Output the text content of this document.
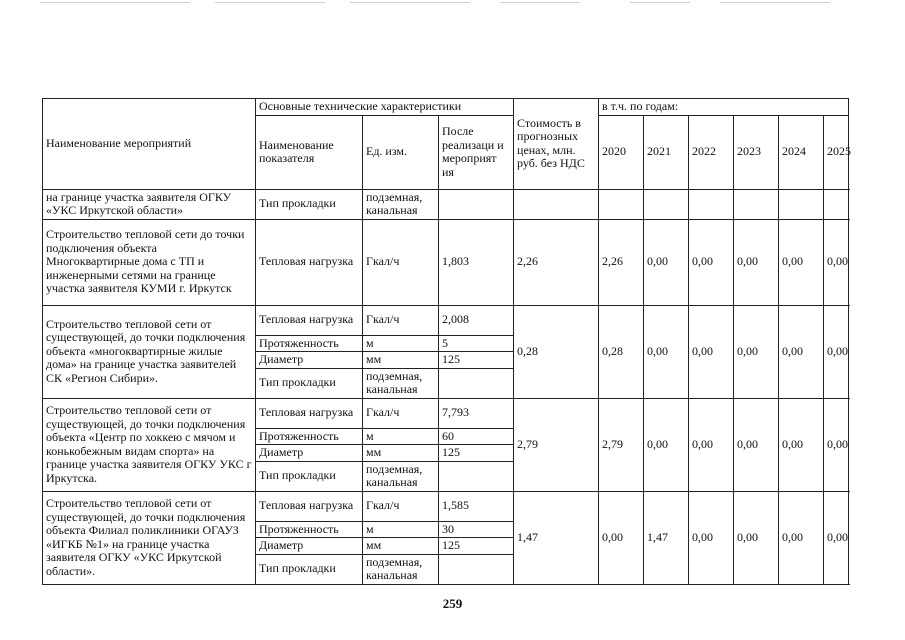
Наименование мероприятий	Основные технические характеристики			Стоимость в прогнозных ценах, млн. руб. без НДС	в т.ч. по годам:					
	Наименование показателя	Ед. изм.	После реализаци и мероприят ия		2020	2021	2022	2023	2024	2025
на границе участка заявителя ОГКУ «УКС Иркутской области»	Тип прокладки	подземная, канальная								
Строительство тепловой сети до точки подключения объекта Многоквартирные дома с ТП и инженерными сетями на границе участка заявителя КУМИ г. Иркутск	Тепловая нагрузка	Гкал/ч	1,803	2,26	2,26	0,00	0,00	0,00	0,00	0,00
Строительство тепловой сети от существующей, до точки подключения объекта «многоквартирные жилые дома» на границе участка заявителей СК «Регион Сибири».	Тепловая нагрузка	Гкал/ч	2,008	0,28	0,28	0,00	0,00	0,00	0,00	0,00
	Протяженность	м	5							
	Диаметр	мм	125							
	Тип прокладки	подземная, канальная								
Строительство тепловой сети от существующей, до точки подключения объекта «Центр по хоккею с мячом и конькобежным видам спорта» на границе участка заявителя ОГКУ УКС г Иркутска.	Тепловая нагрузка	Гкал/ч	7,793	2,79	2,79	0,00	0,00	0,00	0,00	0,00
	Протяженность	м	60							
	Диаметр	мм	125							
	Тип прокладки	подземная, канальная								
Строительство тепловой сети от существующей, до точки подключения объекта Филиал поликлиники ОГАУЗ «ИГКБ №1» на границе участка заявителя ОГКУ «УКС Иркутской области».	Тепловая нагрузка	Гкал/ч	1,585	1,47	0,00	1,47	0,00	0,00	0,00	0,00
	Протяженность	м	30							
	Диаметр	мм	125							
	Тип прокладки	подземная, канальная								
259
